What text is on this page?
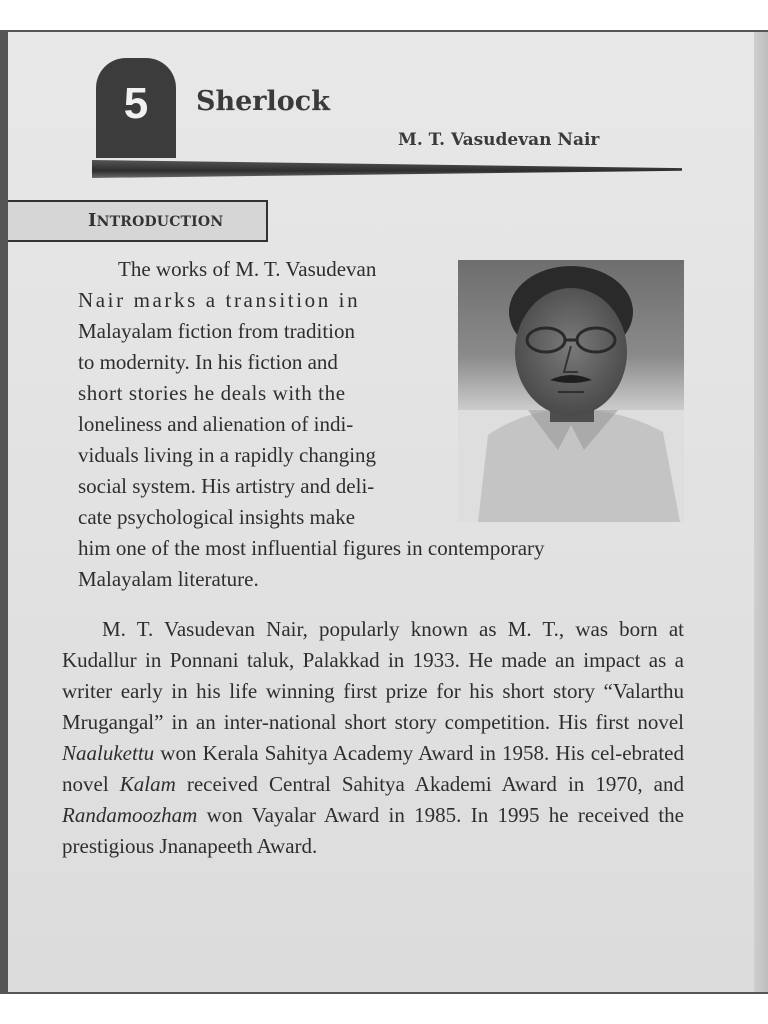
5	Sherlock
M. T. Vasudevan Nair
INTRODUCTION
The works of M. T. Vasudevan
Nair marks a transition in
Malayalam fiction from tradition
to modernity. In his fiction and
short stories he deals with the
loneliness and alienation of indi-
viduals living in a rapidly changing
social system. His artistry and deli-
cate psychological insights make
him one of the most influential figures in contemporary
Malayalam literature.

M. T. Vasudevan Nair, popularly known as M. T., was born at Kudallur in Ponnani taluk, Palakkad in 1933. He made an impact as a writer early in his life winning first prize for his short story “Valarthu Mrugangal” in an inter-national short story competition. His first novel Naalukettu won Kerala Sahitya Academy Award in 1958. His cel-ebrated novel Kalam received Central Sahitya Akademi Award in 1970, and Randamoozham won Vayalar Award in 1985. In 1995 he received the prestigious Jnanapeeth Award.
